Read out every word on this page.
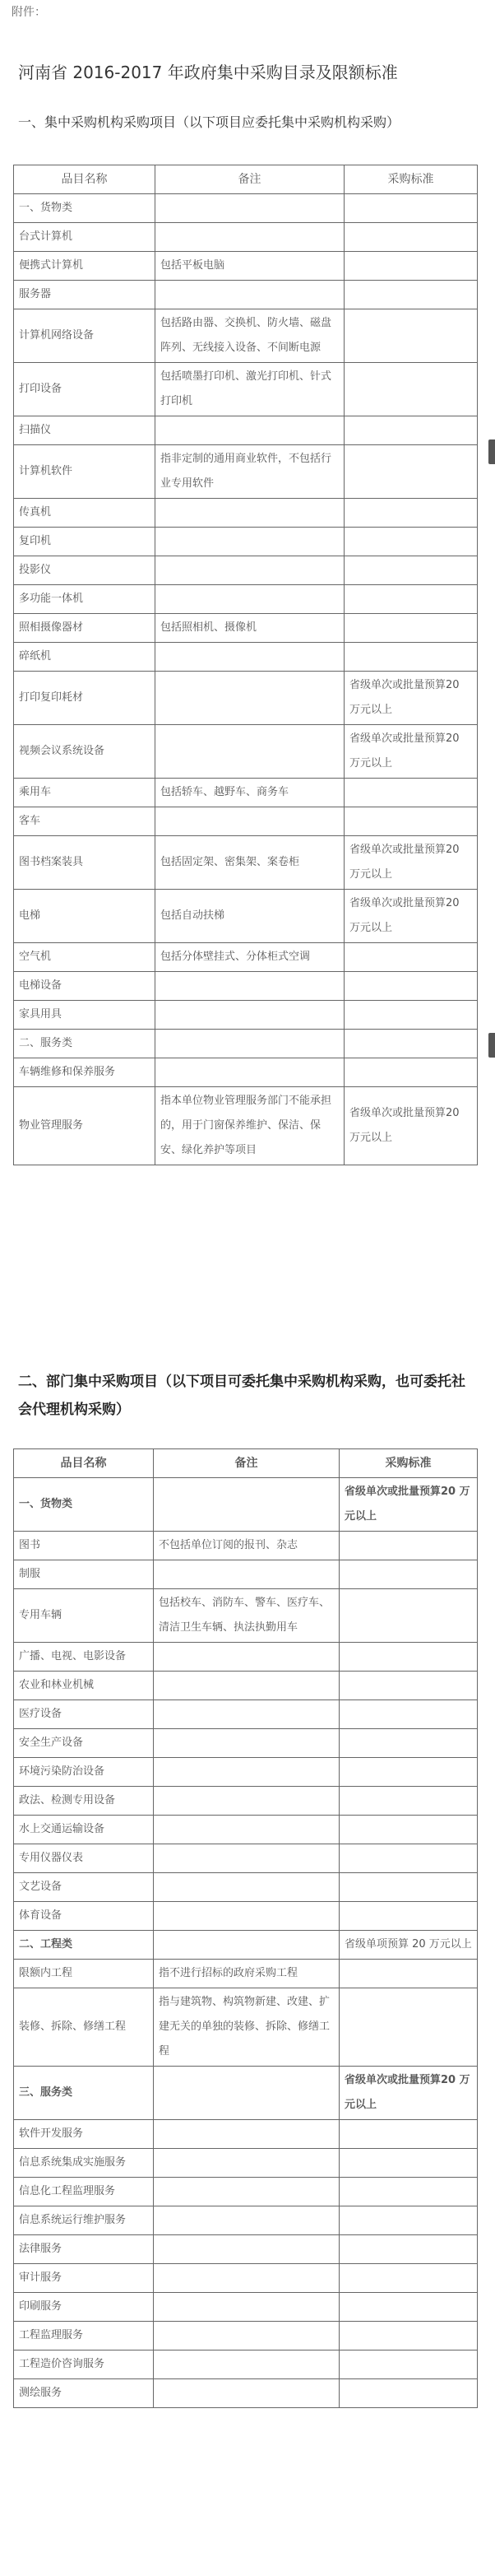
附件：
河南省 2016-2017 年政府集中采购目录及限额标准
一、集中采购机构采购项目（以下项目应委托集中采购机构采购）
品目名称	备注	采购标准
一、货物类		
台式计算机		
便携式计算机	包括平板电脑	
服务器		
计算机网络设备	包括路由器、交换机、防火墙、磁盘阵列、无线接入设备、不间断电源	
打印设备	包括喷墨打印机、激光打印机、针式打印机	
扫描仪		
计算机软件	指非定制的通用商业软件，不包括行业专用软件	
传真机		
复印机		
投影仪		
多功能一体机		
照相摄像器材	包括照相机、摄像机	
碎纸机		
打印复印耗材		省级单次或批量预算20 万元以上
视频会议系统设备		省级单次或批量预算20 万元以上
乘用车	包括轿车、越野车、商务车	
客车		
图书档案装具	包括固定架、密集架、案卷柜	省级单次或批量预算20 万元以上
电梯	包括自动扶梯	省级单次或批量预算20 万元以上
空气机	包括分体壁挂式、分体柜式空调	
电梯设备		
家具用具		
二、服务类		
车辆维修和保养服务		
物业管理服务	指本单位物业管理服务部门不能承担的，用于门窗保养维护、保洁、保安、绿化养护等项目	省级单次或批量预算20 万元以上
二、部门集中采购项目（以下项目可委托集中采购机构采购，也可委托社会代理机构采购）
品目名称	备注	采购标准
一、货物类		省级单次或批量预算20 万元以上
图书	不包括单位订阅的报刊、杂志	
制服		
专用车辆	包括校车、消防车、警车、医疗车、清洁卫生车辆、执法执勤用车	
广播、电视、电影设备		
农业和林业机械		
医疗设备		
安全生产设备		
环境污染防治设备		
政法、检测专用设备		
水上交通运输设备		
专用仪器仪表		
文艺设备		
体育设备		
二、工程类		省级单项预算 20 万元以上
限额内工程	指不进行招标的政府采购工程	
装修、拆除、修缮工程	指与建筑物、构筑物新建、改建、扩建无关的单独的装修、拆除、修缮工程	
三、服务类		省级单次或批量预算20 万元以上
软件开发服务		
信息系统集成实施服务		
信息化工程监理服务		
信息系统运行维护服务		
法律服务		
审计服务		
印刷服务		
工程监理服务		
工程造价咨询服务		
测绘服务		
